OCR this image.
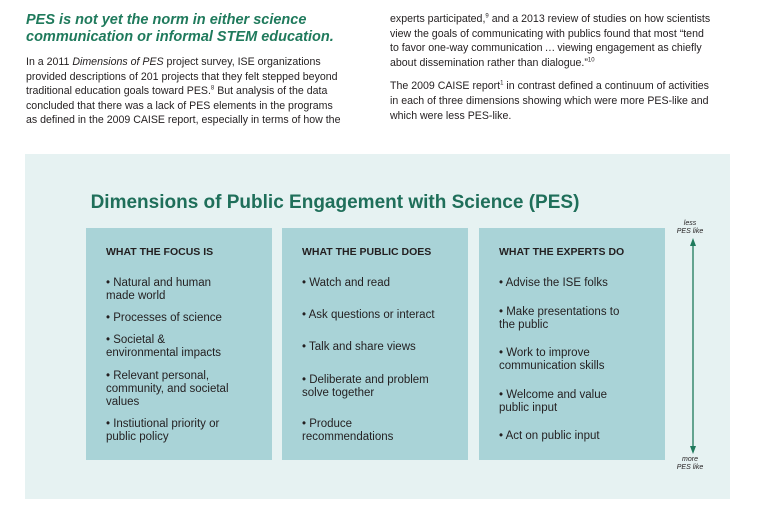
PES is not yet the norm in either science
communication or informal STEM education.
In a 2011 Dimensions of PES project survey, ISE organizations
provided descriptions of 201 projects that they felt stepped beyond
traditional education goals toward PES.$^8$ But analysis of the data
concluded that there was a lack of PES elements in the programs
as defined in the 2009 CAISE report, especially in terms of how the
experts participated,$^9$ and a 2013 review of studies on how scientists
view the goals of communicating with publics found that most “tend
to favor one-way communication … viewing engagement as chiefly
about dissemination rather than dialogue.”$^{10}$
The 2009 CAISE report$^1$ in contrast defined a continuum of activities
in each of three dimensions showing which were more PES-like and
which were less PES-like.
Dimensions of Public Engagement with Science (PES)
WHAT THE FOCUS IS
• Natural and human
made world
• Processes of science
• Societal &
environmental impacts
• Relevant personal,
community, and societal
values
• Instiutional priority or
public policy
WHAT THE PUBLIC DOES
• Watch and read
• Ask questions or interact
• Talk and share views
• Deliberate and problem
solve together
• Produce
recommendations
WHAT THE EXPERTS DO
• Advise the ISE folks
• Make presentations to
the public
• Work to improve
communication skills
• Welcome and value
public input
• Act on public input
less
PES like
more
PES like
